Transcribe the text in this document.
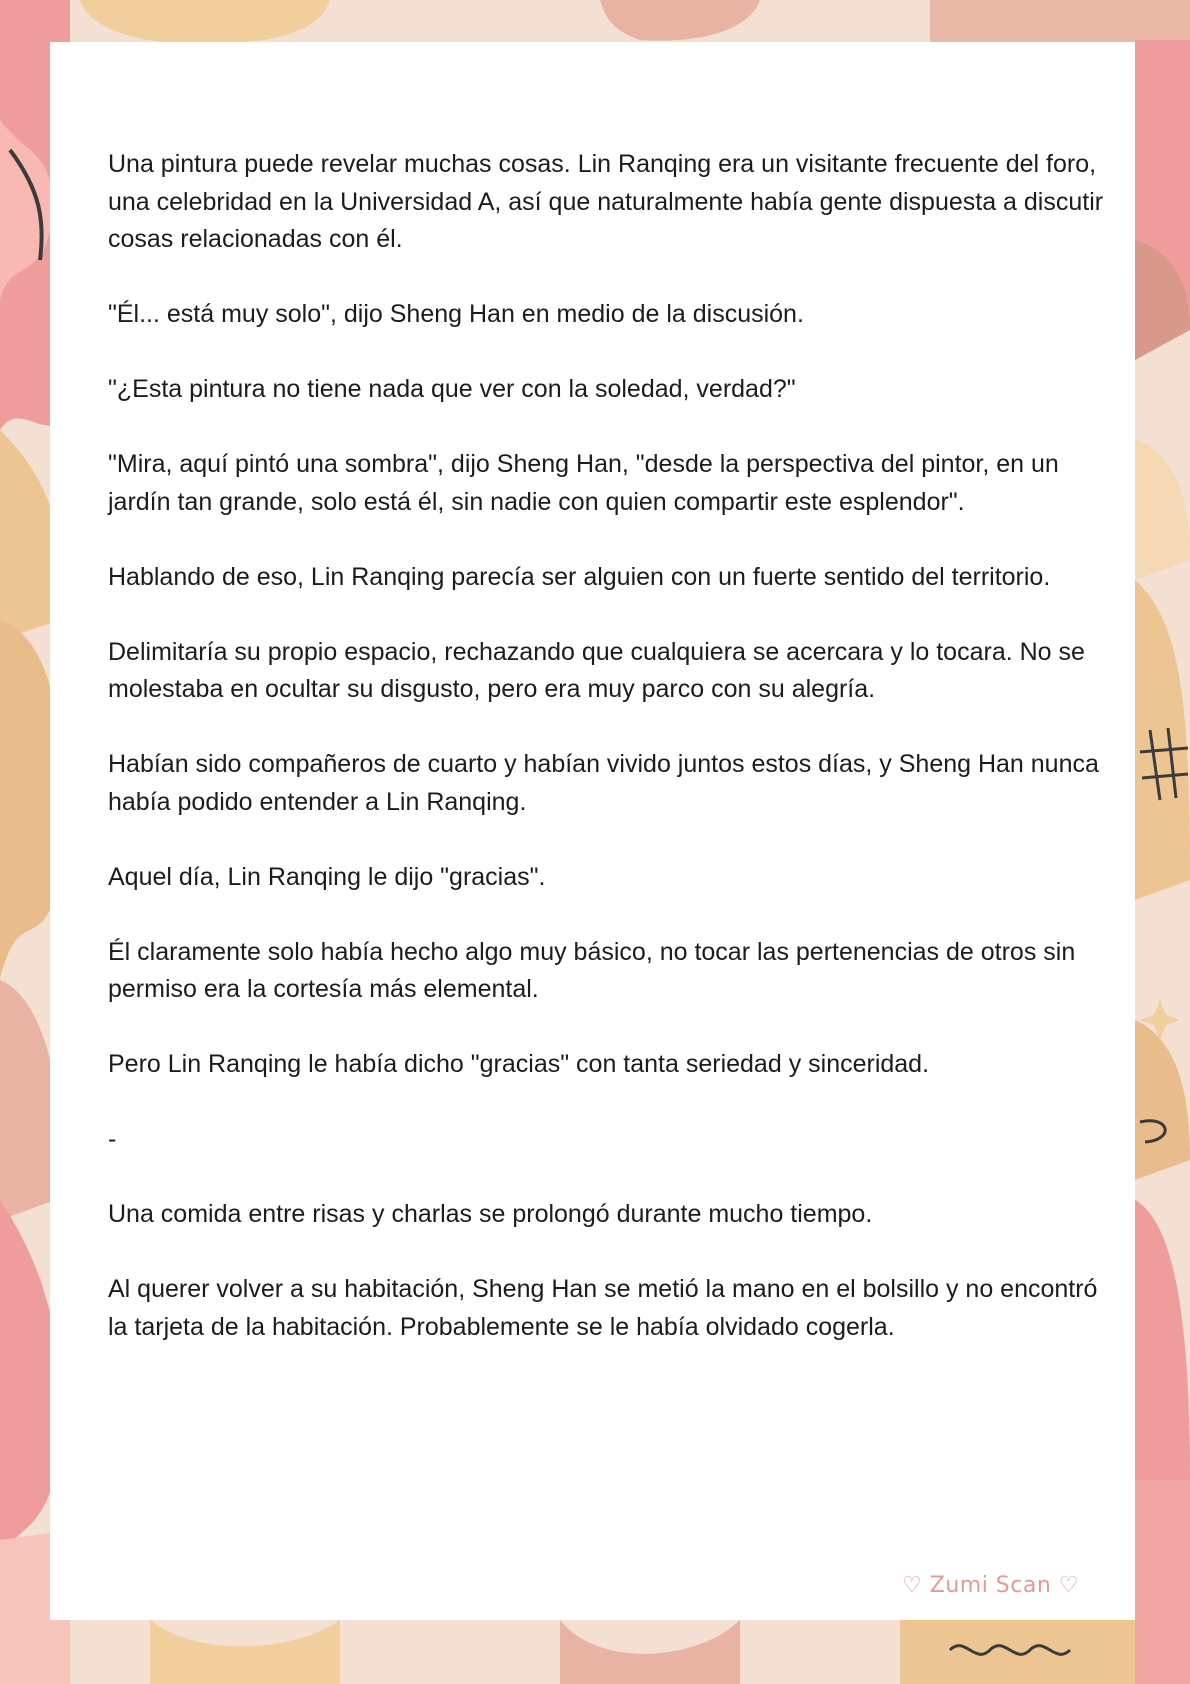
Una pintura puede revelar muchas cosas. Lin Ranqing era un visitante frecuente del foro, una celebridad en la Universidad A, así que naturalmente había gente dispuesta a discutir cosas relacionadas con él.

"Él... está muy solo", dijo Sheng Han en medio de la discusión.

"¿Esta pintura no tiene nada que ver con la soledad, verdad?"

"Mira, aquí pintó una sombra", dijo Sheng Han, "desde la perspectiva del pintor, en un jardín tan grande, solo está él, sin nadie con quien compartir este esplendor".

Hablando de eso, Lin Ranqing parecía ser alguien con un fuerte sentido del territorio.

Delimitaría su propio espacio, rechazando que cualquiera se acercara y lo tocara. No se molestaba en ocultar su disgusto, pero era muy parco con su alegría.

Habían sido compañeros de cuarto y habían vivido juntos estos días, y Sheng Han nunca había podido entender a Lin Ranqing.

Aquel día, Lin Ranqing le dijo "gracias".

Él claramente solo había hecho algo muy básico, no tocar las pertenencias de otros sin permiso era la cortesía más elemental.

Pero Lin Ranqing le había dicho "gracias" con tanta seriedad y sinceridad.

-

Una comida entre risas y charlas se prolongó durante mucho tiempo.

Al querer volver a su habitación, Sheng Han se metió la mano en el bolsillo y no encontró la tarjeta de la habitación. Probablemente se le había olvidado cogerla.

♡ Zumi Scan ♡
